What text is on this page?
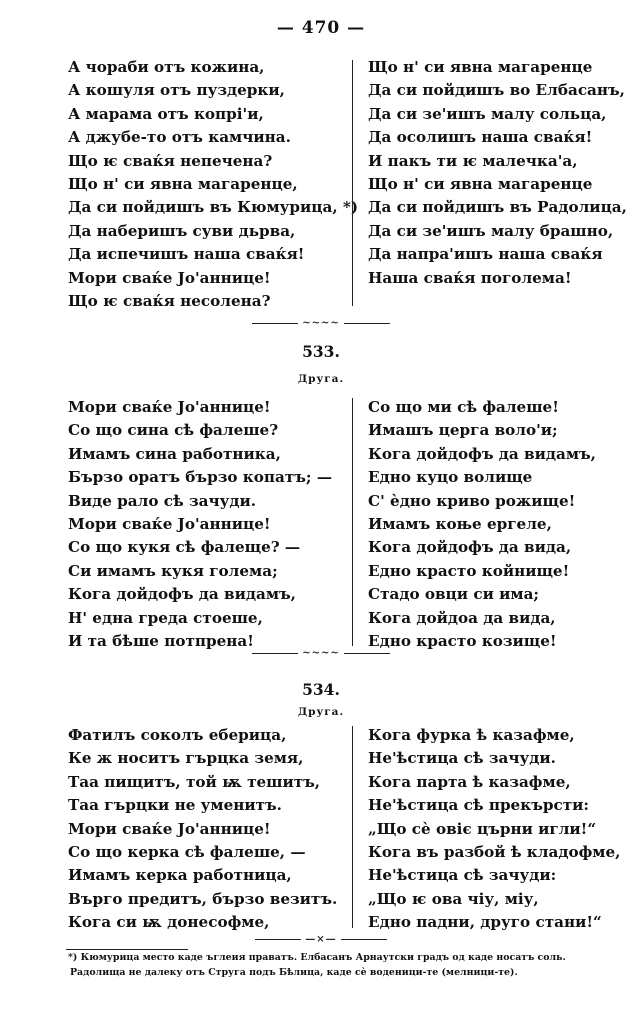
— 470 —
А чораби отъ кожина,
А кошуля отъ пуздерки,
А марама отъ копрі'и,
А джубе-то отъ камчина.
Що ѥ сваќя непечена?
Що н' си явна магаренце,
Да си пойдишъ въ Кюмурица, *)
Да наберишъ суви дьрва,
Да испечишъ наша сваќя!
Мори сваќе Јо'аннице!
Що ѥ сваќя несолена?
Що н' си явна магаренце
Да си пойдишъ во Елбасанъ,
Да си зе'ишъ малу сольца,
Да осолишъ наша сваќя!
И пакъ ти ѥ малечка'а,
Що н' си явна магаренце
Да си пойдишъ въ Радолица,
Да си зе'ишъ малу брашно,
Да напра'ишъ наша сваќя
Наша сваќя поголема!
~~~~
533.
Друга.
Мори сваќе Јо'аннице!
Со що сина сѣ фалеше?
Имамъ сина работника,
Бързо оратъ бързо копатъ; —
Виде рало сѣ зачуди.
Мори сваќе Јо'аннице!
Со що кукя сѣ фалеще? —
Си имамъ кукя голема;
Кога дойдофъ да видамъ,
Н' една греда стоеше,
И та бѣше потпрена!
Со що ми сѣ фалеше!
Имашъ церга воло'и;
Кога дойдофъ да видамъ,
Едно куцо волище
С' ѐдно криво рожище!
Имамъ коње ергеле,
Кога дойдофъ да вида,
Едно красто койнище!
Стадо овци си има;
Кога дойдоа да вида,
Едно красто козище!
~~~~
534.
Друга.
Фатилъ соколъ еберица,
Ке ж носитъ гърцка земя,
Таа пищитъ, той ѭ тешитъ,
Таа гърцки не уменитъ.
Мори сваќе Јо'аннице!
Со що керка сѣ фалеше, —
Имамъ керка работница,
Въpго предитъ, бързо везитъ.
Кога си ѭ донесофме,
Кога фурка ѣ казафме,
Не'ѣстица сѣ зачуди.
Кога парта ѣ казафме,
Не'ѣстица сѣ прекърсти:
„Що сѐ овіє църни игли!“
Кога въ разбой ѣ кладофме,
Не'ѣстица сѣ зачуди:
„Що ѥ ова чіу, міу,
Едно падни, друго стани!“
—×—
*) Кюмурица место каде ъглеия праватъ. Елбасанъ Арнаутски градъ од каде носатъ соль.
Радолища не далеку отъ Струга подъ Бѣлица, каде сѐ воденици-те (мелници-те).
